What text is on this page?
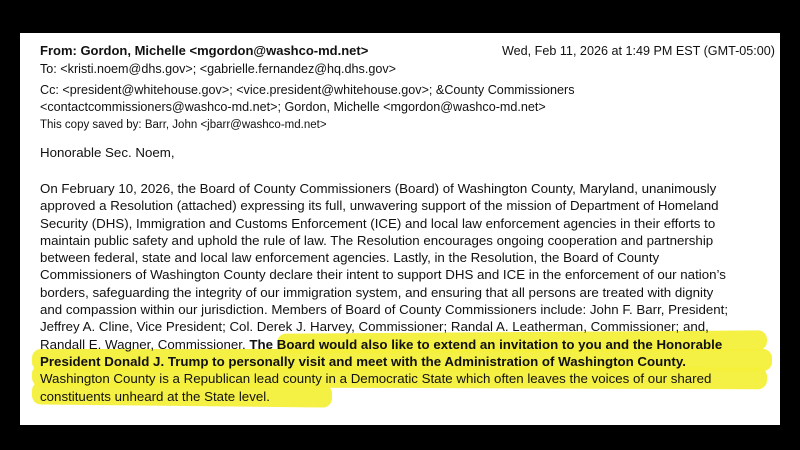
From: Gordon, Michelle <mgordon@washco-md.net>	Wed, Feb 11, 2026 at 1:49 PM EST (GMT-05:00)
To: <kristi.noem@dhs.gov>; <gabrielle.fernandez@hq.dhs.gov>
Cc: <president@whitehouse.gov>; <vice.president@whitehouse.gov>; &County Commissioners
<contactcommissioners@washco-md.net>; Gordon, Michelle <mgordon@washco-md.net>
This copy saved by: Barr, John <jbarr@washco-md.net>
Honorable Sec. Noem,
On February 10, 2026, the Board of County Commissioners (Board) of Washington County, Maryland, unanimously
approved a Resolution (attached) expressing its full, unwavering support of the mission of Department of Homeland
Security (DHS), Immigration and Customs Enforcement (ICE) and local law enforcement agencies in their efforts to
maintain public safety and uphold the rule of law. The Resolution encourages ongoing cooperation and partnership
between federal, state and local law enforcement agencies. Lastly, in the Resolution, the Board of County
Commissioners of Washington County declare their intent to support DHS and ICE in the enforcement of our nation’s
borders, safeguarding the integrity of our immigration system, and ensuring that all persons are treated with dignity
and compassion within our jurisdiction. Members of Board of County Commissioners include: John F. Barr, President;
Jeffrey A. Cline, Vice President; Col. Derek J. Harvey, Commissioner; Randal A. Leatherman, Commissioner; and,
Randall E. Wagner, Commissioner. The Board would also like to extend an invitation to you and the Honorable
President Donald J. Trump to personally visit and meet with the Administration of Washington County.
Washington County is a Republican lead county in a Democratic State which often leaves the voices of our shared
constituents unheard at the State level.
